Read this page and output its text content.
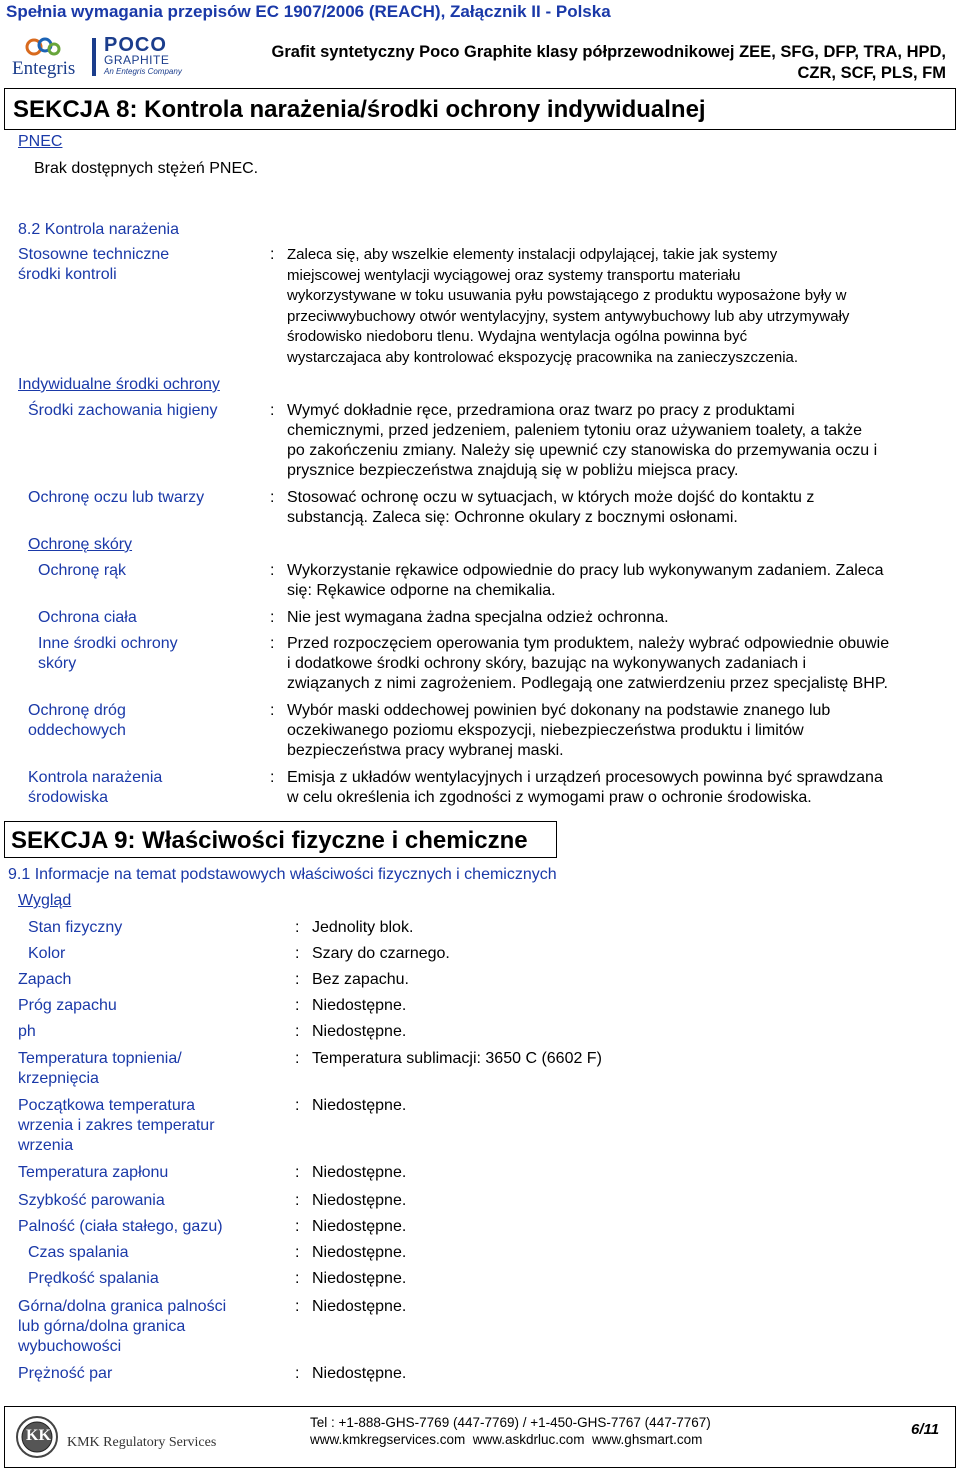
Spełnia wymagania przepisów EC 1907/2006 (REACH), Załącznik II - Polska
Entegris
POCO
GRAPHITE
An Entegris Company
Grafit syntetyczny Poco Graphite klasy półprzewodnikowej ZEE, SFG, DFP, TRA, HPD,
CZR, SCF, PLS, FM
SEKCJA 8: Kontrola narażenia/środki ochrony indywidualnej
PNEC
Brak dostępnych stężeń PNEC.
8.2 Kontrola narażenia
Stosowne techniczne
środki kontroli
: Zaleca się, aby wszelkie elementy instalacji odpylającej, takie jak systemy
miejscowej wentylacji wyciągowej oraz systemy transportu materiału
wykorzystywane w toku usuwania pyłu powstającego z produktu wyposażone były w
przeciwwybuchowy otwór wentylacyjny, system antywybuchowy lub aby utrzymywały
środowisko niedoboru tlenu. Wydajna wentylacja ogólna powinna być
wystarczajaca aby kontrolować ekspozycję pracownika na zanieczyszczenia.
Indywidualne środki ochrony
Środki zachowania higieny	: Wymyć dokładnie ręce, przedramiona oraz twarz po pracy z produktami
chemicznymi, przed jedzeniem, paleniem tytoniu oraz używaniem toalety, a także
po zakończeniu zmiany. Należy się upewnić czy stanowiska do przemywania oczu i
prysznice bezpieczeństwa znajdują się w pobliżu miejsca pracy.
Ochronę oczu lub twarzy	: Stosować ochronę oczu w sytuacjach, w których może dojść do kontaktu z
substancją. Zaleca się: Ochronne okulary z bocznymi osłonami.
Ochronę skóry
Ochronę rąk	: Wykorzystanie rękawice odpowiednie do pracy lub wykonywanym zadaniem. Zaleca
się: Rękawice odporne na chemikalia.
Ochrona ciała	: Nie jest wymagana żadna specjalna odzież ochronna.
Inne środki ochrony
skóry
: Przed rozpoczęciem operowania tym produktem, należy wybrać odpowiednie obuwie
i dodatkowe środki ochrony skóry, bazując na wykonywanych zadaniach i
związanych z nimi zagrożeniem. Podlegają one zatwierdzeniu przez specjalistę BHP.
Ochronę dróg
oddechowych
: Wybór maski oddechowej powinien być dokonany na podstawie znanego lub
oczekiwanego poziomu ekspozycji, niebezpieczeństwa produktu i limitów
bezpieczeństwa pracy wybranej maski.
Kontrola narażenia
środowiska
: Emisja z układów wentylacyjnych i urządzeń procesowych powinna być sprawdzana
w celu określenia ich zgodności z wymogami praw o ochronie środowiska.
SEKCJA 9: Właściwości fizyczne i chemiczne
9.1 Informacje na temat podstawowych właściwości fizycznych i chemicznych
Wygląd
Stan fizyczny	: Jednolity blok.
Kolor	: Szary do czarnego.
Zapach	: Bez zapachu.
Próg zapachu	: Niedostępne.
ph	: Niedostępne.
Temperatura topnienia/
krzepnięcia
: Temperatura sublimacji: 3650 C (6602 F)
Początkowa temperatura
wrzenia i zakres temperatur
wrzenia
: Niedostępne.
Temperatura zapłonu	: Niedostępne.
Szybkość parowania	: Niedostępne.
Palność (ciała stałego, gazu)	: Niedostępne.
Czas spalania	: Niedostępne.
Prędkość spalania	: Niedostępne.
Górna/dolna granica palności
lub górna/dolna granica
wybuchowości
: Niedostępne.
Prężność par	: Niedostępne.
KK KMK Regulatory Services
Tel : +1-888-GHS-7769 (447-7769) / +1-450-GHS-7767 (447-7767)
www.kmkregservices.com  www.askdrluc.com  www.ghsmart.com
6/11
